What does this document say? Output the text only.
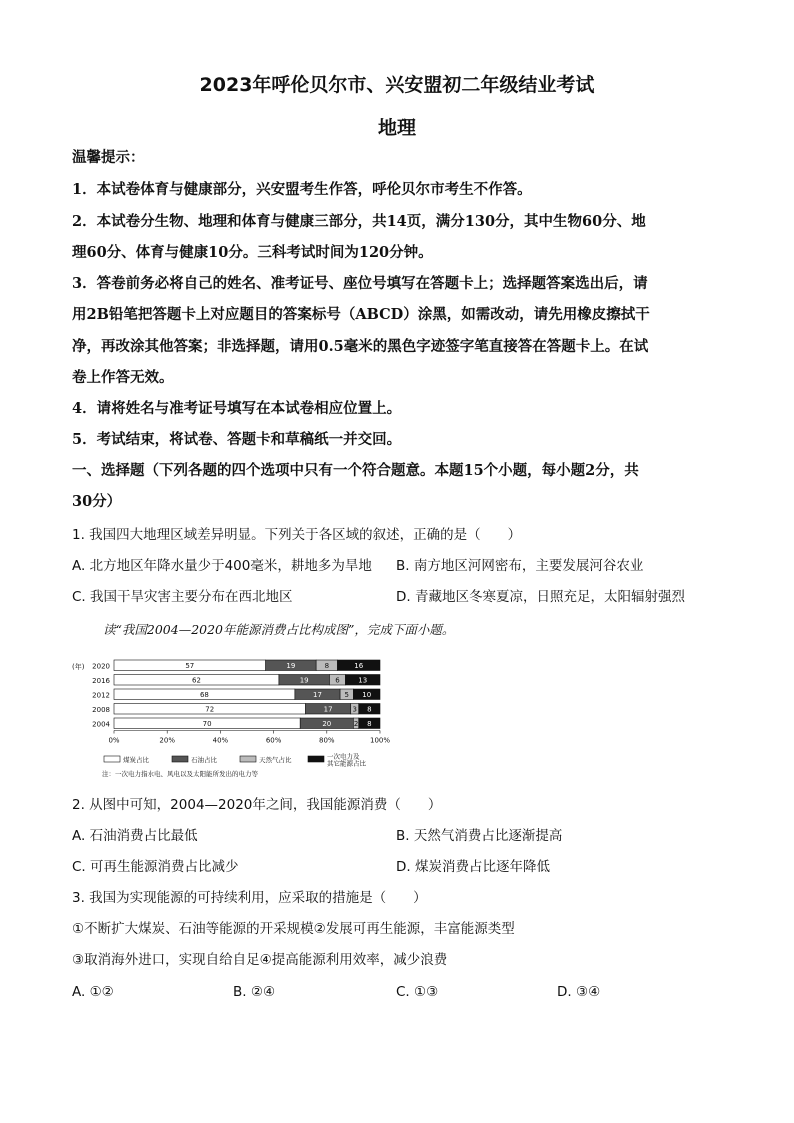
2023年呼伦贝尔市、兴安盟初二年级结业考试
地理
温馨提示：
1．本试卷体育与健康部分，兴安盟考生作答，呼伦贝尔市考生不作答。
2．本试卷分生物、地理和体育与健康三部分，共14页，满分130分，其中生物60分、地
理60分、体育与健康10分。三科考试时间为120分钟。
3．答卷前务必将自己的姓名、准考证号、座位号填写在答题卡上；选择题答案选出后，请
用2B铅笔把答题卡上对应题目的答案标号（ABCD）涂黑，如需改动，请先用橡皮擦拭干
净，再改涂其他答案；非选择题，请用0.5毫米的黑色字迹签字笔直接答在答题卡上。在试
卷上作答无效。
4．请将姓名与准考证号填写在本试卷相应位置上。
5．考试结束，将试卷、答题卡和草稿纸一并交回。
一、选择题（下列各题的四个选项中只有一个符合题意。本题15个小题，每小题2分，共
30分）
1. 我国四大地理区域差异明显。下列关于各区域的叙述，正确的是（　　）
A. 北方地区年降水量少于400毫米，耕地多为旱地 B. 南方地区河网密布，主要发展河谷农业
C. 我国干旱灾害主要分布在西北地区	D. 青藏地区冬寒夏凉，日照充足，太阳辐射强烈
读“我国2004—2020年能源消费占比构成图”，完成下面小题。
(年) 2020	57	19	8	16
2016	62	19	6	13
2012	68	17	5 10
2008	72	17	3 8
2004	70	20	2 8
0%	20%	40%	60%	80%	100%
煤炭占比	石油占比	天然气占比	一次电力及
其它能源占比
注：一次电力指水电、风电以及太阳能所发出的电力等
2. 从图中可知，2004—2020年之间，我国能源消费（　　）
A. 石油消费占比最低	B. 天然气消费占比逐渐提高
C. 可再生能源消费占比减少	D. 煤炭消费占比逐年降低
3. 我国为实现能源的可持续利用，应采取的措施是（　　）
①不断扩大煤炭、石油等能源的开采规模②发展可再生能源，丰富能源类型
③取消海外进口，实现自给自足④提高能源利用效率，减少浪费
A. ①②	B. ②④	C. ①③	D. ③④
